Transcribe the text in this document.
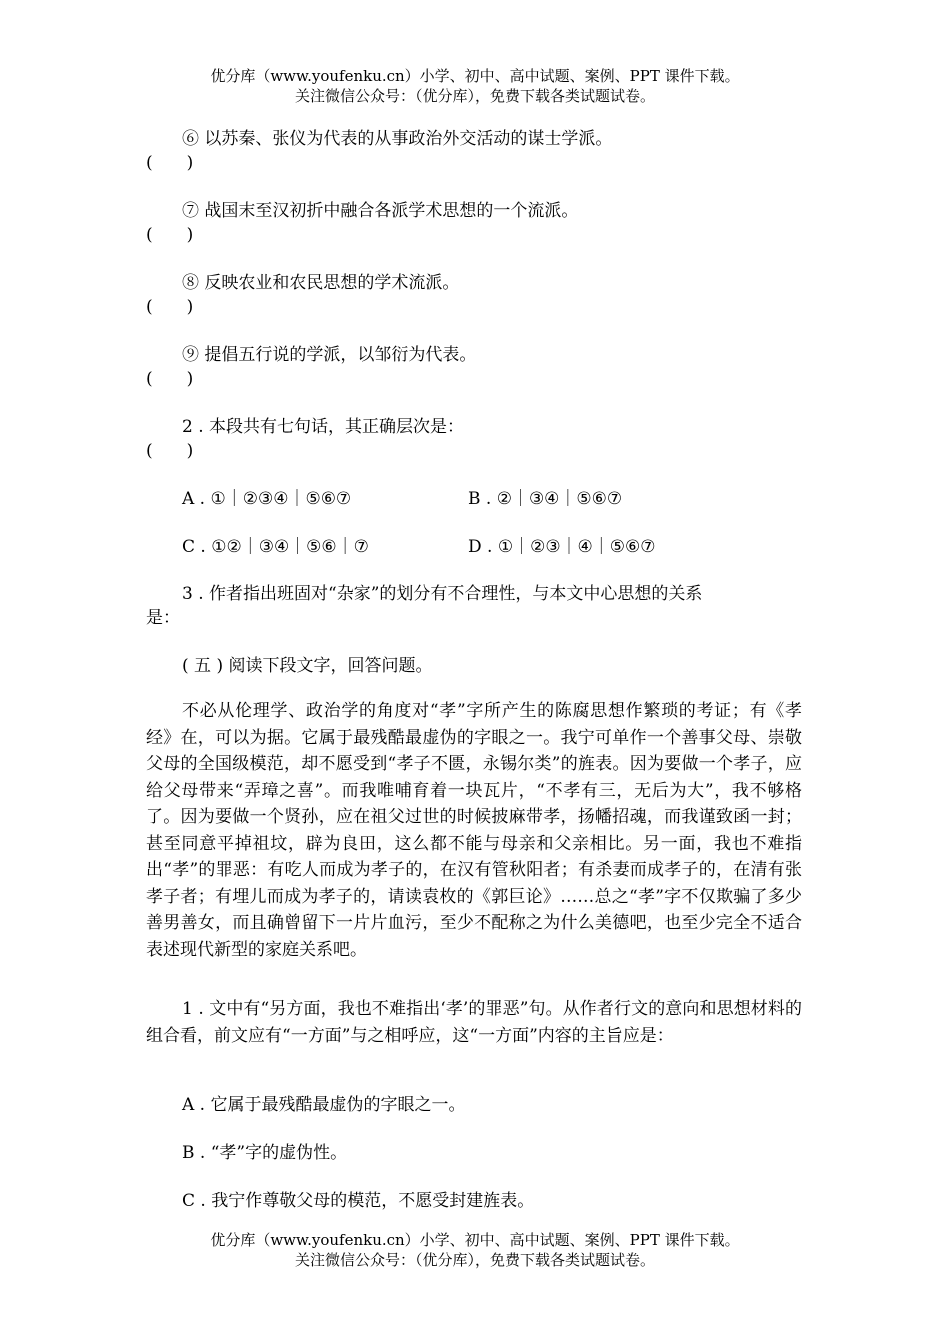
优分库（www.youfenku.cn）小学、初中、高中试题、案例、PPT 课件下载。
关注微信公众号：（优分库），免费下载各类试题试卷。
⑥ 以苏秦、张仪为代表的从事政治外交活动的谋士学派。
(　　)
⑦ 战国末至汉初折中融合各派学术思想的一个流派。
(　　)
⑧ 反映农业和农民思想的学术流派。
(　　)
⑨ 提倡五行说的学派，以邹衍为代表。
(　　)
2 . 本段共有七句话，其正确层次是：
(　　)
A . ①｜②③④｜⑤⑥⑦	B . ②｜③④｜⑤⑥⑦
C . ①②｜③④｜⑤⑥｜⑦	D . ①｜②③｜④｜⑤⑥⑦
3 . 作者指出班固对“杂家”的划分有不合理性，与本文中心思想的关系
是：
( 五 ) 阅读下段文字，回答问题。
不必从伦理学、政治学的角度对“孝”字所产生的陈腐思想作繁琐的考证；有《孝经》在，可以为据。它属于最残酷最虚伪的字眼之一。我宁可单作一个善事父母、崇敬父母的全国级模范，却不愿受到“孝子不匮，永锡尔类”的旌表。因为要做一个孝子，应给父母带来“弄璋之喜”。而我唯哺育着一块瓦片，“不孝有三，无后为大”，我不够格了。因为要做一个贤孙，应在祖父过世的时候披麻带孝，扬幡招魂，而我谨致函一封；甚至同意平掉祖坟，辟为良田，这么都不能与母亲和父亲相比。另一面，我也不难指出“孝”的罪恶：有吃人而成为孝子的，在汉有管秋阳者；有杀妻而成孝子的，在清有张孝子者；有埋儿而成为孝子的，请读袁枚的《郭巨论》……总之“孝”字不仅欺骗了多少善男善女，而且确曾留下一片片血污，至少不配称之为什么美德吧，也至少完全不适合表述现代新型的家庭关系吧。
1 . 文中有“另方面，我也不难指出‘孝’的罪恶”句。从作者行文的意向和思想材料的组合看，前文应有“一方面”与之相呼应，这“一方面”内容的主旨应是：
A . 它属于最残酷最虚伪的字眼之一。
B . “孝”字的虚伪性。
C . 我宁作尊敬父母的模范，不愿受封建旌表。
优分库（www.youfenku.cn）小学、初中、高中试题、案例、PPT 课件下载。
关注微信公众号：（优分库），免费下载各类试题试卷。
